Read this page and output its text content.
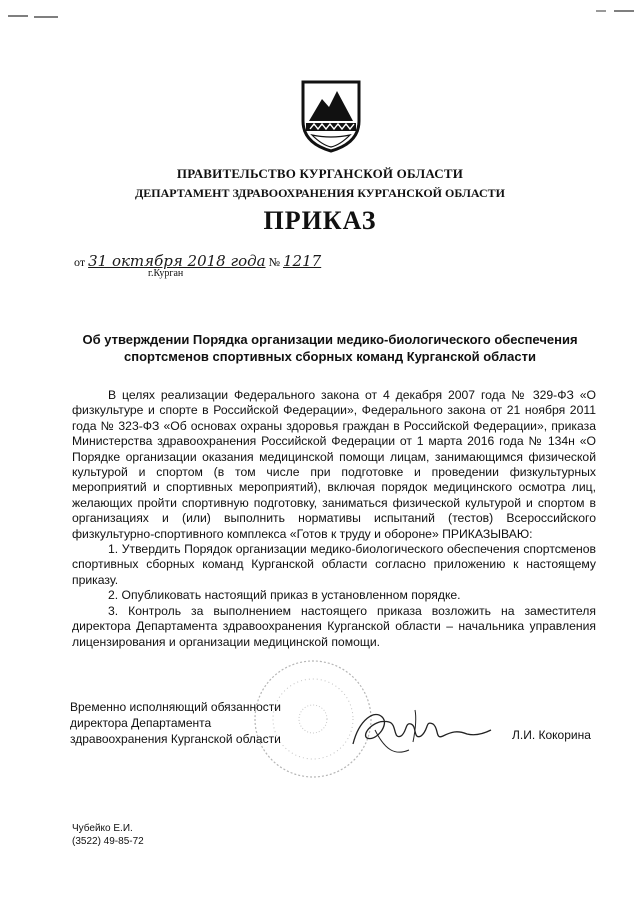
ПРАВИТЕЛЬСТВО КУРГАНСКОЙ ОБЛАСТИ
ДЕПАРТАМЕНТ ЗДРАВООХРАНЕНИЯ КУРГАНСКОЙ ОБЛАСТИ
ПРИКАЗ
от 31 октября 2018 года № 1217
г.Курган
Об утверждении Порядка организации медико-биологического обеспечения
спортсменов спортивных сборных команд Курганской области

В целях реализации Федерального закона от 4 декабря 2007 года № 329-ФЗ «О физкультуре и спорте в Российской Федерации», Федерального закона от 21 ноября 2011 года № 323-ФЗ «Об основах охраны здоровья граждан в Российской Федерации», приказа Министерства здравоохранения Российской Федерации от 1 марта 2016 года № 134н «О Порядке организации оказания медицинской помощи лицам, занимающимся физической культурой и спортом (в том числе при подготовке и проведении физкультурных мероприятий и спортивных мероприятий), включая порядок медицинского осмотра лиц, желающих пройти спортивную подготовку, заниматься физической культурой и спортом в организациях и (или) выполнить нормативы испытаний (тестов) Всероссийского физкультурно-спортивного комплекса «Готов к труду и обороне» ПРИКАЗЫВАЮ:

1. Утвердить Порядок организации медико-биологического обеспечения спортсменов спортивных сборных команд Курганской области согласно приложению к настоящему приказу.

2. Опубликовать настоящий приказ в установленном порядке.

3. Контроль за выполнением настоящего приказа возложить на заместителя директора Департамента здравоохранения Курганской области – начальника управления лицензирования и организации медицинской помощи.

Временно исполняющий обязанности
директора Департамента
здравоохранения Курганской области	Л.И. Кокорина
Чубейко Е.И.
(3522) 49-85-72
